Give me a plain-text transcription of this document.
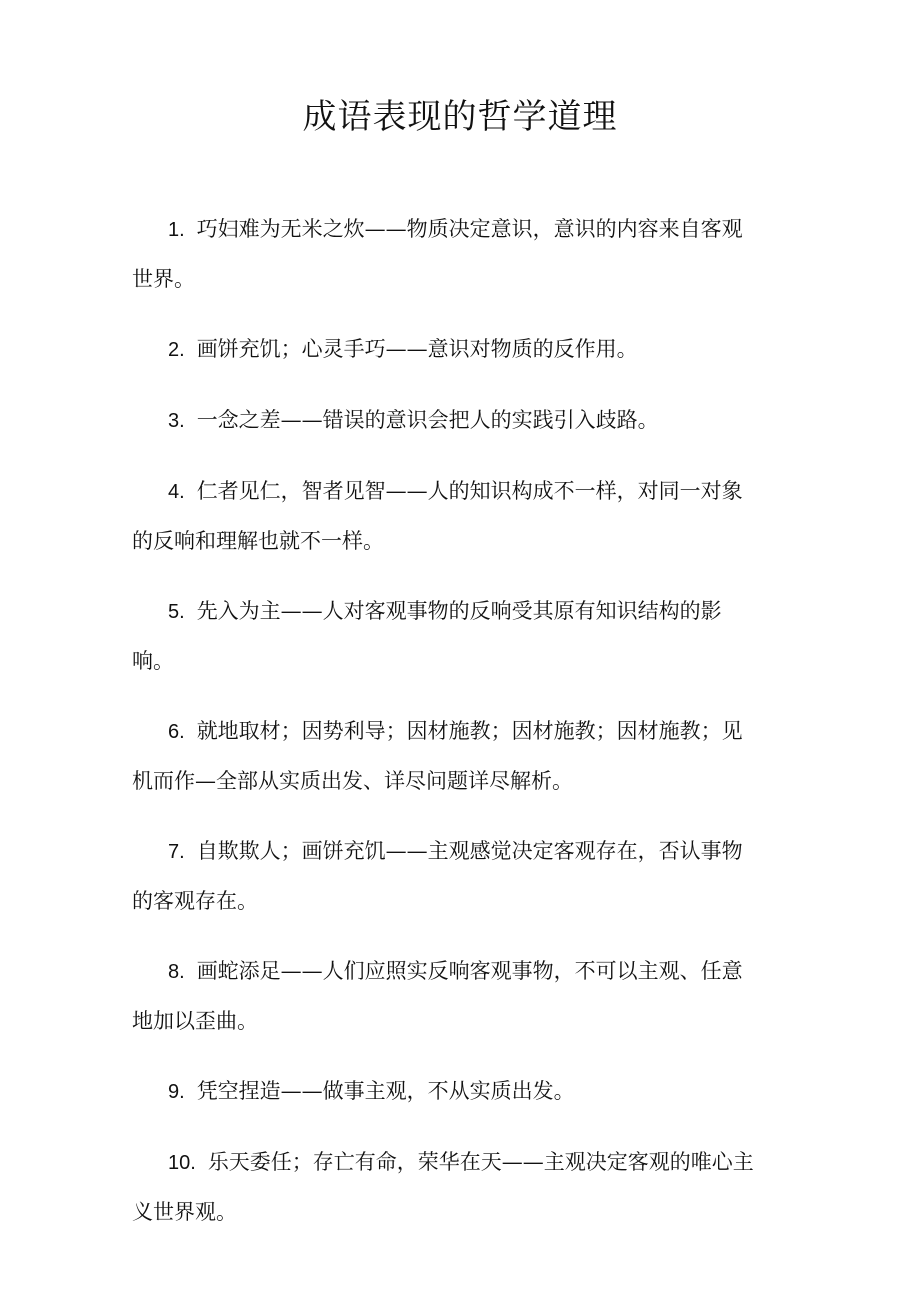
成语表现的哲学道理

1. 巧妇难为无米之炊——物质决定意识，意识的内容来自客观世界。

2. 画饼充饥；心灵手巧——意识对物质的反作用。

3. 一念之差——错误的意识会把人的实践引入歧路。

4. 仁者见仁，智者见智——人的知识构成不一样，对同一对象的反响和理解也就不一样。

5. 先入为主——人对客观事物的反响受其原有知识结构的影响。

6. 就地取材；因势利导；因材施教；因材施教；因材施教；见机而作—全部从实质出发、详尽问题详尽解析。

7. 自欺欺人；画饼充饥——主观感觉决定客观存在，否认事物的客观存在。

8. 画蛇添足——人们应照实反响客观事物，不可以主观、任意地加以歪曲。

9. 凭空捏造——做事主观，不从实质出发。

10. 乐天委任；存亡有命，荣华在天——主观决定客观的唯心主义世界观。
